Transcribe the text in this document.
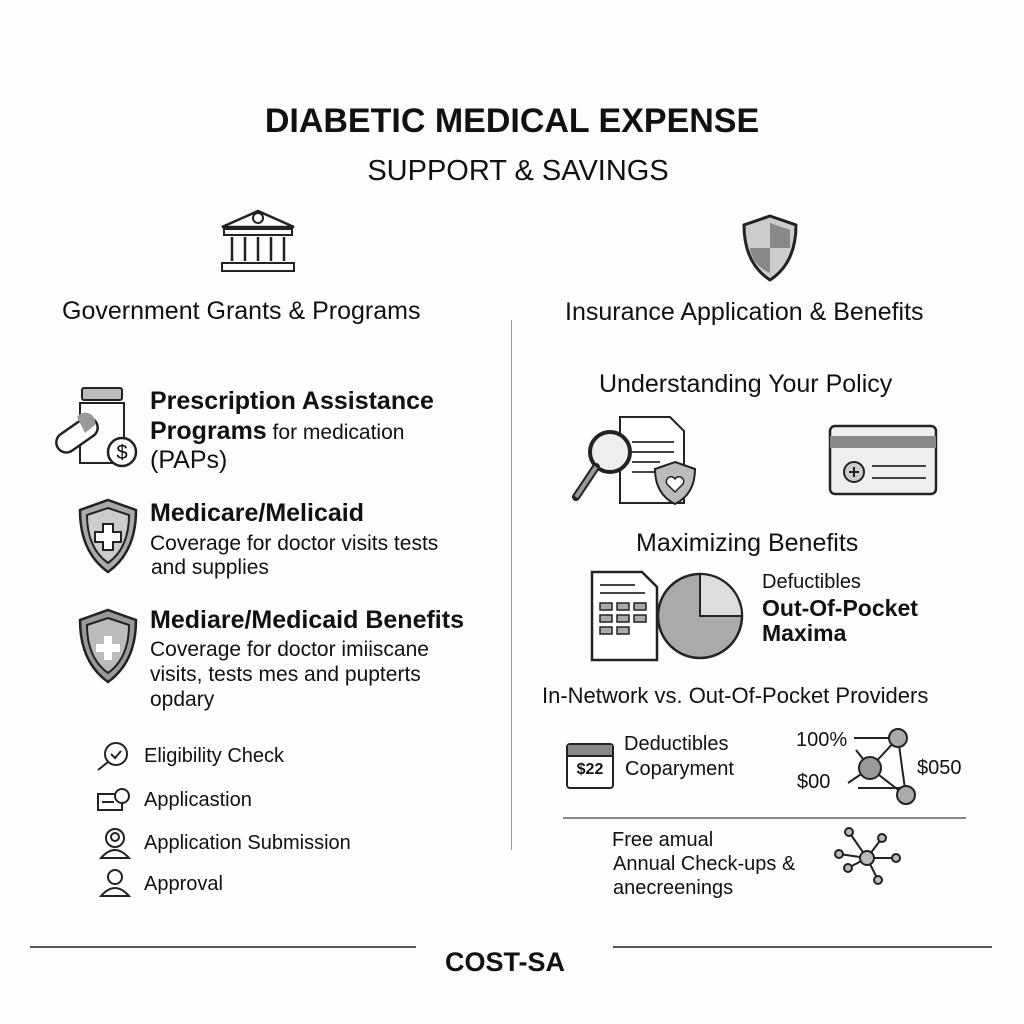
DIABETIC MEDICAL EXPENSE
SUPPORT & SAVINGS
Government Grants & Programs	Insurance Application & Benefits
$
Prescription Assistance
Programs for medication
(PAPs)
Medicare/Melicaid
Coverage for doctor visits tests
and supplies
Mediare/Medicaid Benefits
Coverage for doctor imiiscane
visits, tests mes and pupterts
opdary
Eligibility Check
Applicastion
Application Submission
Approval
Understanding Your Policy
Maximizing Benefits
Defuctibles
Out-Of-Pocket
Maxima
In-Network vs. Out-Of-Pocket Providers
$22
Deductibles
Coparyment
100%
$00
$050
Free amual
Annual Check-ups &
anecreenings
COST-SA
